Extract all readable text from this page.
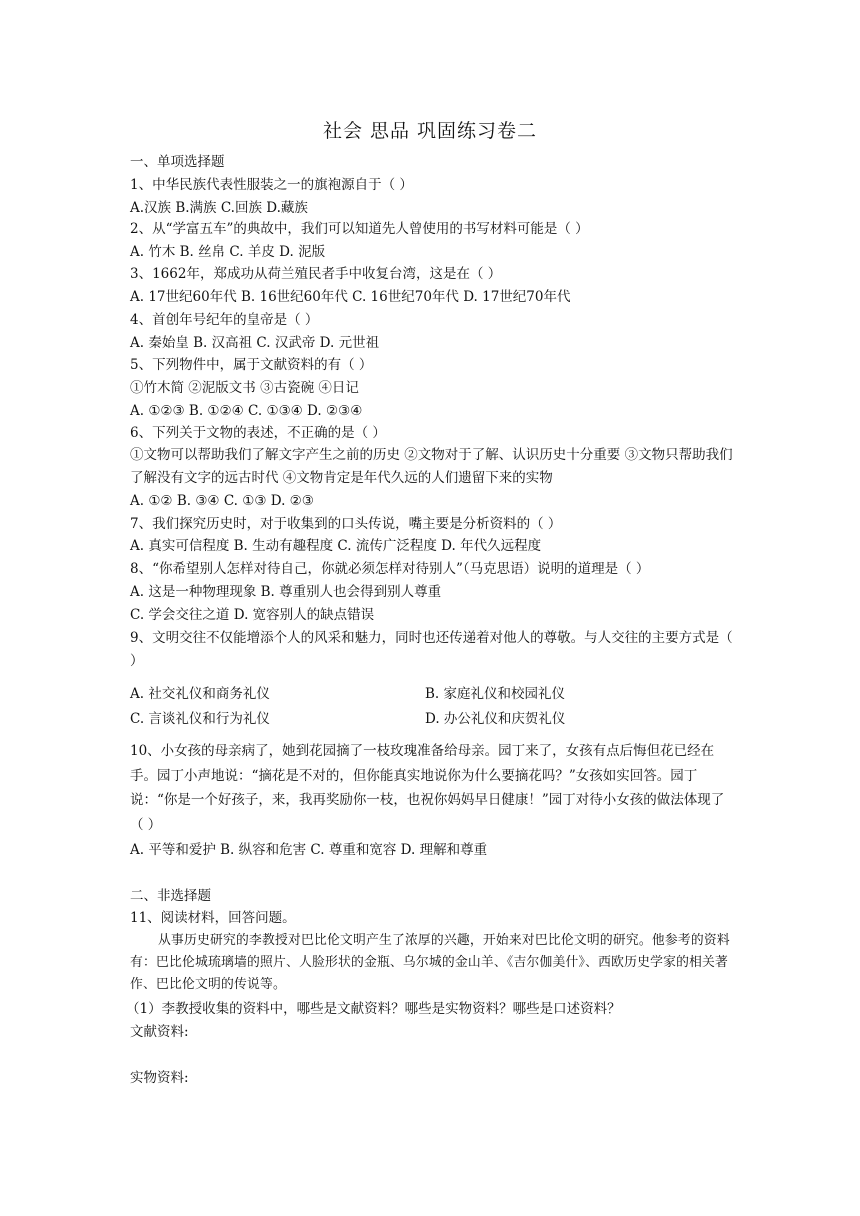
社会 思品 巩固练习卷二
一、单项选择题
1、中华民族代表性服装之一的旗袍源自于（ ）
A.汉族 B.满族 C.回族 D.藏族
2、从“学富五车”的典故中，我们可以知道先人曾使用的书写材料可能是（ ）
A. 竹木 B. 丝帛 C. 羊皮 D. 泥版
3、1662年，郑成功从荷兰殖民者手中收复台湾，这是在（ ）
A. 17世纪60年代 B. 16世纪60年代 C. 16世纪70年代 D. 17世纪70年代
4、首创年号纪年的皇帝是（ ）
A. 秦始皇 B. 汉高祖 C. 汉武帝 D. 元世祖
5、下列物件中，属于文献资料的有（ ）
①竹木简 ②泥版文书 ③古瓷碗 ④日记
A. ①②③ B. ①②④ C. ①③④ D. ②③④
6、下列关于文物的表述，不正确的是（ ）
①文物可以帮助我们了解文字产生之前的历史 ②文物对于了解、认识历史十分重要 ③文物只帮助我们了解没有文字的远古时代 ④文物肯定是年代久远的人们遗留下来的实物
A. ①② B. ③④ C. ①③ D. ②③
7、我们探究历史时，对于收集到的口头传说，嘴主要是分析资料的（ ）
A. 真实可信程度 B. 生动有趣程度 C. 流传广泛程度 D. 年代久远程度
8、“你希望别人怎样对待自己，你就必须怎样对待别人”（马克思语）说明的道理是（ ）
A. 这是一种物理现象 B. 尊重别人也会得到别人尊重
C. 学会交往之道 D. 宽容别人的缺点错误
9、文明交往不仅能增添个人的风采和魅力，同时也还传递着对他人的尊敬。与人交往的主要方式是（ ）
A. 社交礼仪和商务礼仪	B. 家庭礼仪和校园礼仪
C. 言谈礼仪和行为礼仪	D. 办公礼仪和庆贺礼仪
10、小女孩的母亲病了，她到花园摘了一枝玫瑰准备给母亲。园丁来了，女孩有点后悔但花已经在手。园丁小声地说：“摘花是不对的，但你能真实地说你为什么要摘花吗？”女孩如实回答。园丁说：“你是一个好孩子，来，我再奖励你一枝，也祝你妈妈早日健康！”园丁对待小女孩的做法体现了（ ）
A. 平等和爱护 B. 纵容和危害 C. 尊重和宽容 D. 理解和尊重
二、非选择题
11、阅读材料，回答问题。
从事历史研究的李教授对巴比伦文明产生了浓厚的兴趣，开始来对巴比伦文明的研究。他参考的资料有：巴比伦城琉璃墙的照片、人脸形状的金瓶、乌尔城的金山羊、《吉尔伽美什》、西欧历史学家的相关著作、巴比伦文明的传说等。
（1）李教授收集的资料中，哪些是文献资料？哪些是实物资料？哪些是口述资料？
文献资料:
实物资料:
